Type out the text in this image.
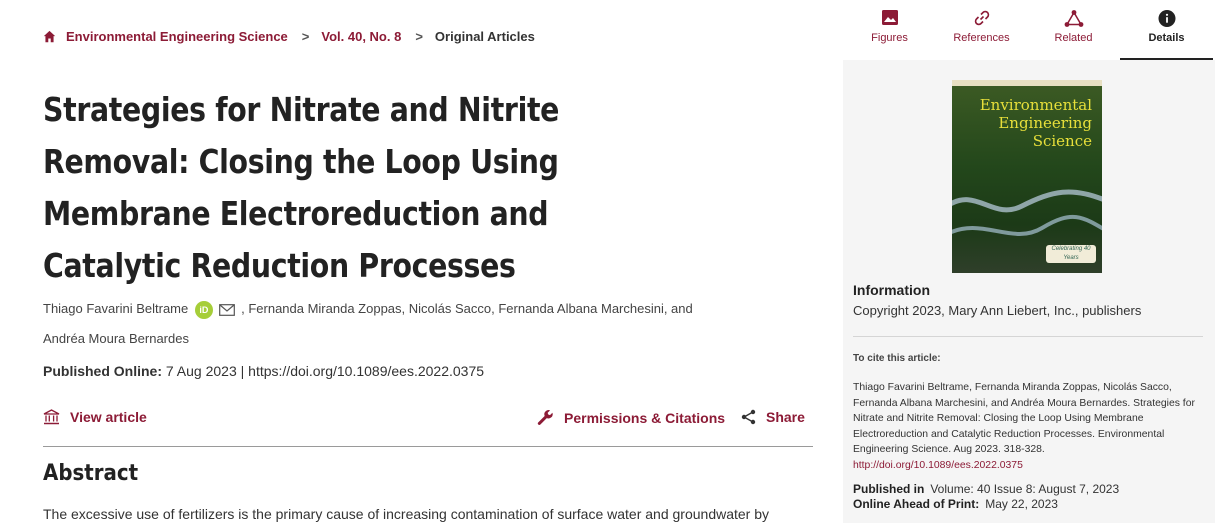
Environmental Engineering Science > Vol. 40, No. 8 > Original Articles
Strategies for Nitrate and Nitrite Removal: Closing the Loop Using Membrane Electroreduction and Catalytic Reduction Processes
Thiago Favarini Beltrame iD	, Fernanda Miranda Zoppas, Nicolás Sacco, Fernanda Albana Marchesini, and
Andréa Moura Bernardes
Published Online: 7 Aug 2023 | https://doi.org/10.1089/ees.2022.0375
View article	Permissions & Citations	Share
Abstract

The excessive use of fertilizers is the primary cause of increasing contamination of surface water and groundwater by

Figures	References	Related	Details
Environmental
Engineering
Science
Celebrating 40 Years
Information
Copyright 2023, Mary Ann Liebert, Inc., publishers
To cite this article:
Thiago Favarini Beltrame, Fernanda Miranda Zoppas, Nicolás Sacco, Fernanda Albana Marchesini, and Andréa Moura Bernardes. Strategies for Nitrate and Nitrite Removal: Closing the Loop Using Membrane Electroreduction and Catalytic Reduction Processes. Environmental Engineering Science. Aug 2023. 318-328.
http://doi.org/10.1089/ees.2022.0375
Published in Volume: 40 Issue 8: August 7, 2023
Online Ahead of Print: May 22, 2023
